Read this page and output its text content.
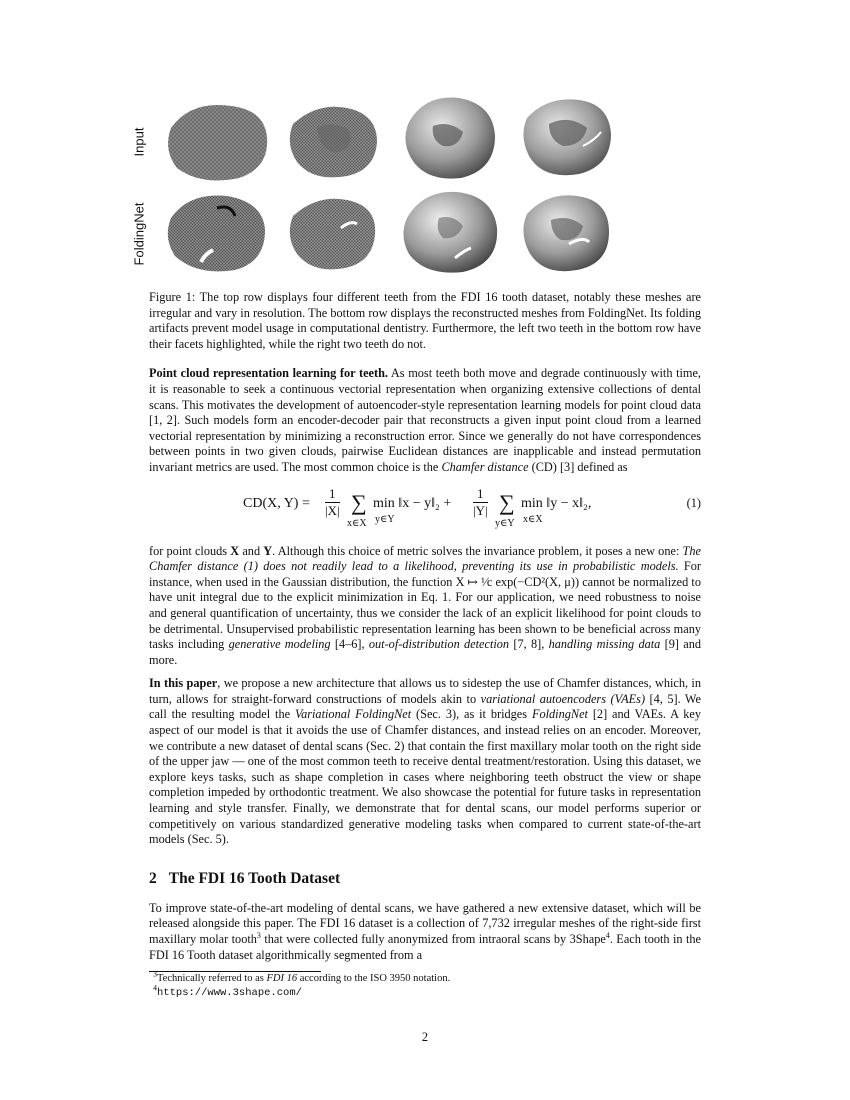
Input
FoldingNet
Figure 1: The top row displays four different teeth from the FDI 16 tooth dataset, notably these meshes are irregular and vary in resolution. The bottom row displays the reconstructed meshes from FoldingNet. Its folding artifacts prevent model usage in computational dentistry. Furthermore, the left two teeth in the bottom row have their facets highlighted, while the right two teeth do not.

Point cloud representation learning for teeth. As most teeth both move and degrade continuously with time, it is reasonable to seek a continuous vectorial representation when organizing extensive collections of dental scans. This motivates the development of autoencoder-style representation learning models for point cloud data [1, 2]. Such models form an encoder-decoder pair that reconstructs a given input point cloud from a learned vectorial representation by minimizing a reconstruction error. Since we generally do not have correspondences between points in two given clouds, pairwise Euclidean distances are inapplicable and instead permutation invariant metrics are used. The most common choice is the Chamfer distance (CD) [3] defined as

CD(X, $Y) = \frac{1}{|X|}$ ∑
x∈X
min ‖x − y‖₂ +
y∈Y
$\frac{1}{|Y|}$ ∑
y∈Y
min ‖y − x‖₂,
x∈X
(1)

for point clouds X and Y. Although this choice of metric solves the invariance problem, it poses a new one: The Chamfer distance (1) does not readily lead to a likelihood, preventing its use in probabilistic models. For instance, when used in the Gaussian distribution, the function X ↦ ¹⁄c exp(−CD²(X, μ)) cannot be normalized to have unit integral due to the explicit minimization in Eq. 1. For our application, we need robustness to noise and general quantification of uncertainty, thus we consider the lack of an explicit likelihood for point clouds to be detrimental. Unsupervised probabilistic representation learning has been shown to be beneficial across many tasks including generative modeling [4–6], out-of-distribution detection [7, 8], handling missing data [9] and more.

In this paper, we propose a new architecture that allows us to sidestep the use of Chamfer distances, which, in turn, allows for straight-forward constructions of models akin to variational autoencoders (VAEs) [4, 5]. We call the resulting model the Variational FoldingNet (Sec. 3), as it bridges FoldingNet [2] and VAEs. A key aspect of our model is that it avoids the use of Chamfer distances, and instead relies on an encoder. Moreover, we contribute a new dataset of dental scans (Sec. 2) that contain the first maxillary molar tooth on the right side of the upper jaw — one of the most common teeth to receive dental treatment/restoration. Using this dataset, we explore keys tasks, such as shape completion in cases where neighboring teeth obstruct the view or shape completion impeded by orthodontic treatment. We also showcase the potential for future tasks in representation learning and style transfer. Finally, we demonstrate that for dental scans, our model performs superior or competitively on various standardized generative modeling tasks when compared to current state-of-the-art models (Sec. 5).

2 The FDI 16 Tooth Dataset

To improve state-of-the-art modeling of dental scans, we have gathered a new extensive dataset, which will be released alongside this paper. The FDI 16 dataset is a collection of 7,732 irregular meshes of the right-side first maxillary molar tooth$^3$ that were collected fully anonymized from intraoral scans by 3Shape$^4$. Each tooth in the FDI 16 Tooth dataset algorithmically segmented from a

$^3$Technically referred to as FDI 16 according to the ISO 3950 notation.
$^4$https://www.3shape.com/
2
